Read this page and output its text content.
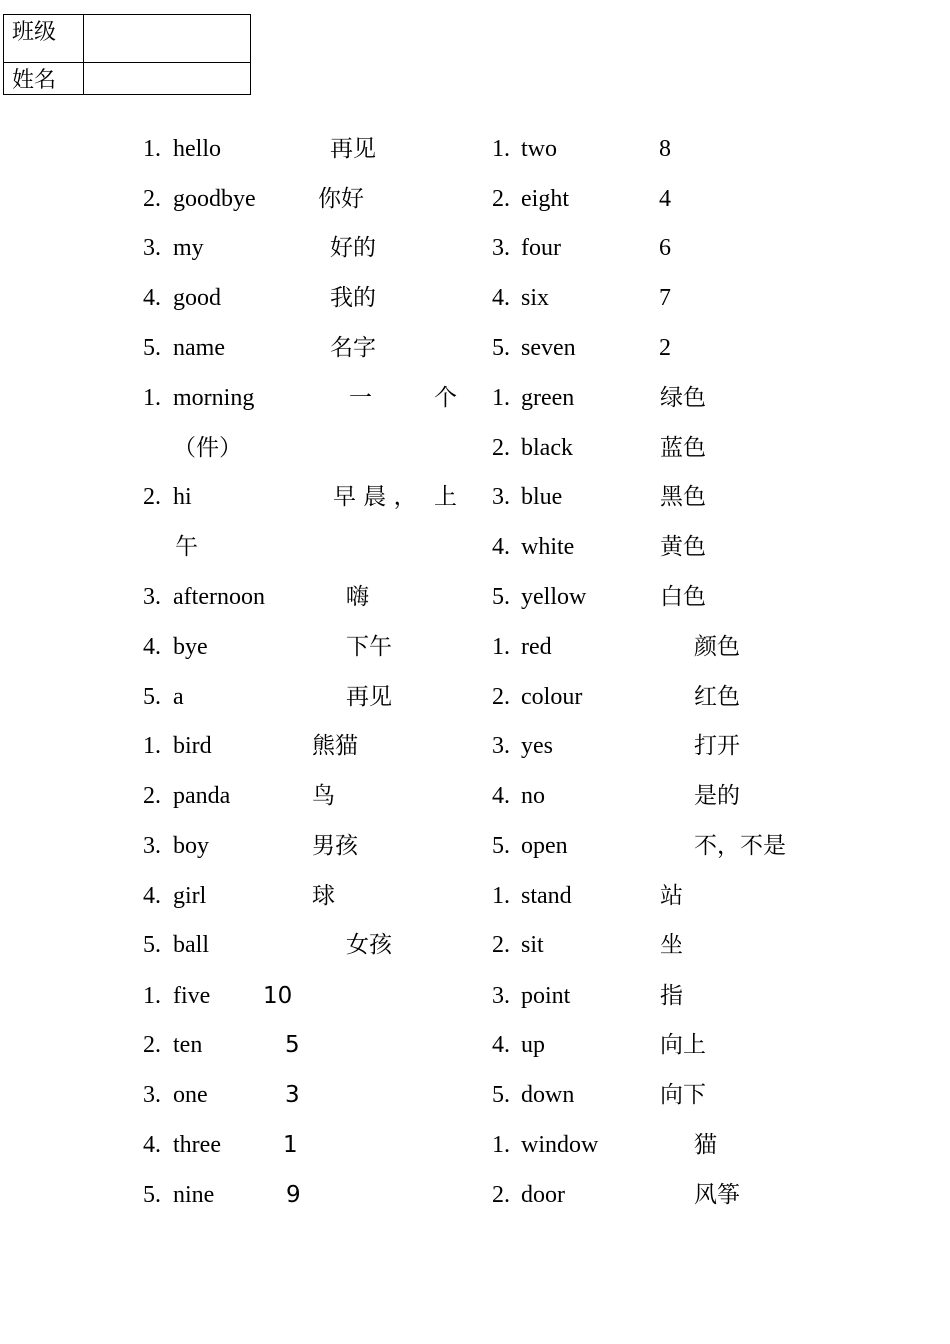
班级	
姓名	
1. hello	再见
2. goodbye	你好
3. my	好的
4. good	我的
5. name	名字
1. morning	一	个
（件）
2. hi	早 晨 ， 上
午
3. afternoon	嗨
4. bye	下午
5. a	再见
1. bird	熊猫
2. panda	鸟
3. boy	男孩
4. girl	球
5. ball	女孩
1. five 10
2. ten	5
3. one	3
4. three	1
5. nine	9
1. two	8
2. eight	4
3. four	6
4. six	7
5. seven	2
1. green	绿色
2. black	蓝色
3. blue	黑色
4. white	黄色
5. yellow	白色
1. red	颜色
2. colour	红色
3. yes	打开
4. no	是的
5. open	不，不是
1. stand	站
2. sit	坐
3. point	指
4. up	向上
5. down	向下
1. window	猫
2. door	风筝
